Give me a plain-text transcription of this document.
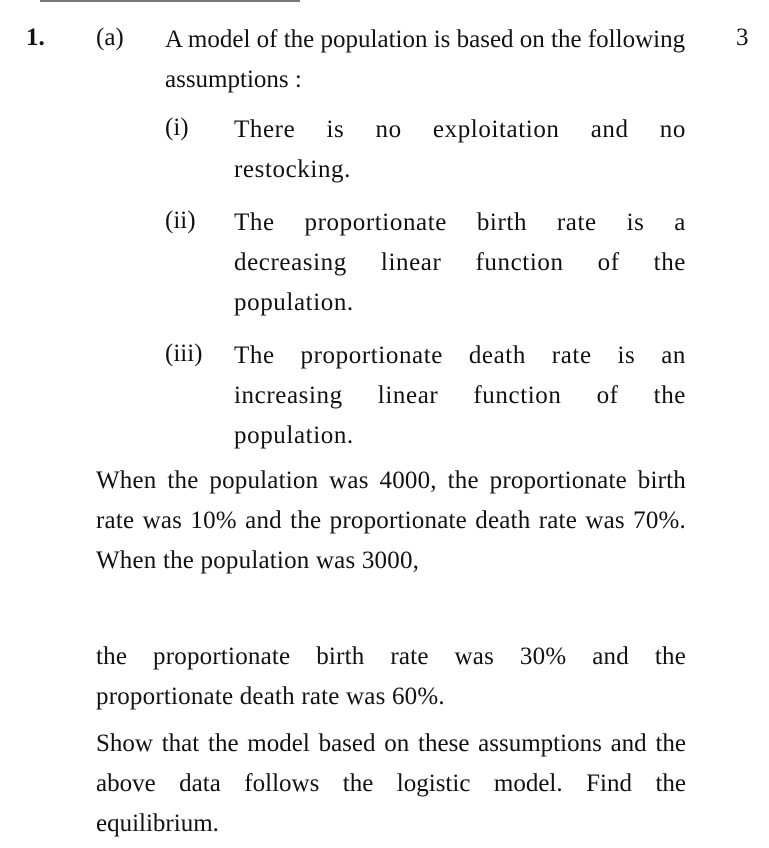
1. (a)	3
A model of the population is based on the following assumptions :
(i) There is no exploitation and no restocking.
(ii) The proportionate birth rate is a decreasing linear function of the population.
(iii) The proportionate death rate is an increasing linear function of the population.
When the population was 4000, the proportionate birth rate was 10% and the proportionate death rate was 70%. When the population was 3000,
the proportionate birth rate was 30% and the proportionate death rate was 60%.
Show that the model based on these assumptions and the above data follows the logistic model. Find the equilibrium.
